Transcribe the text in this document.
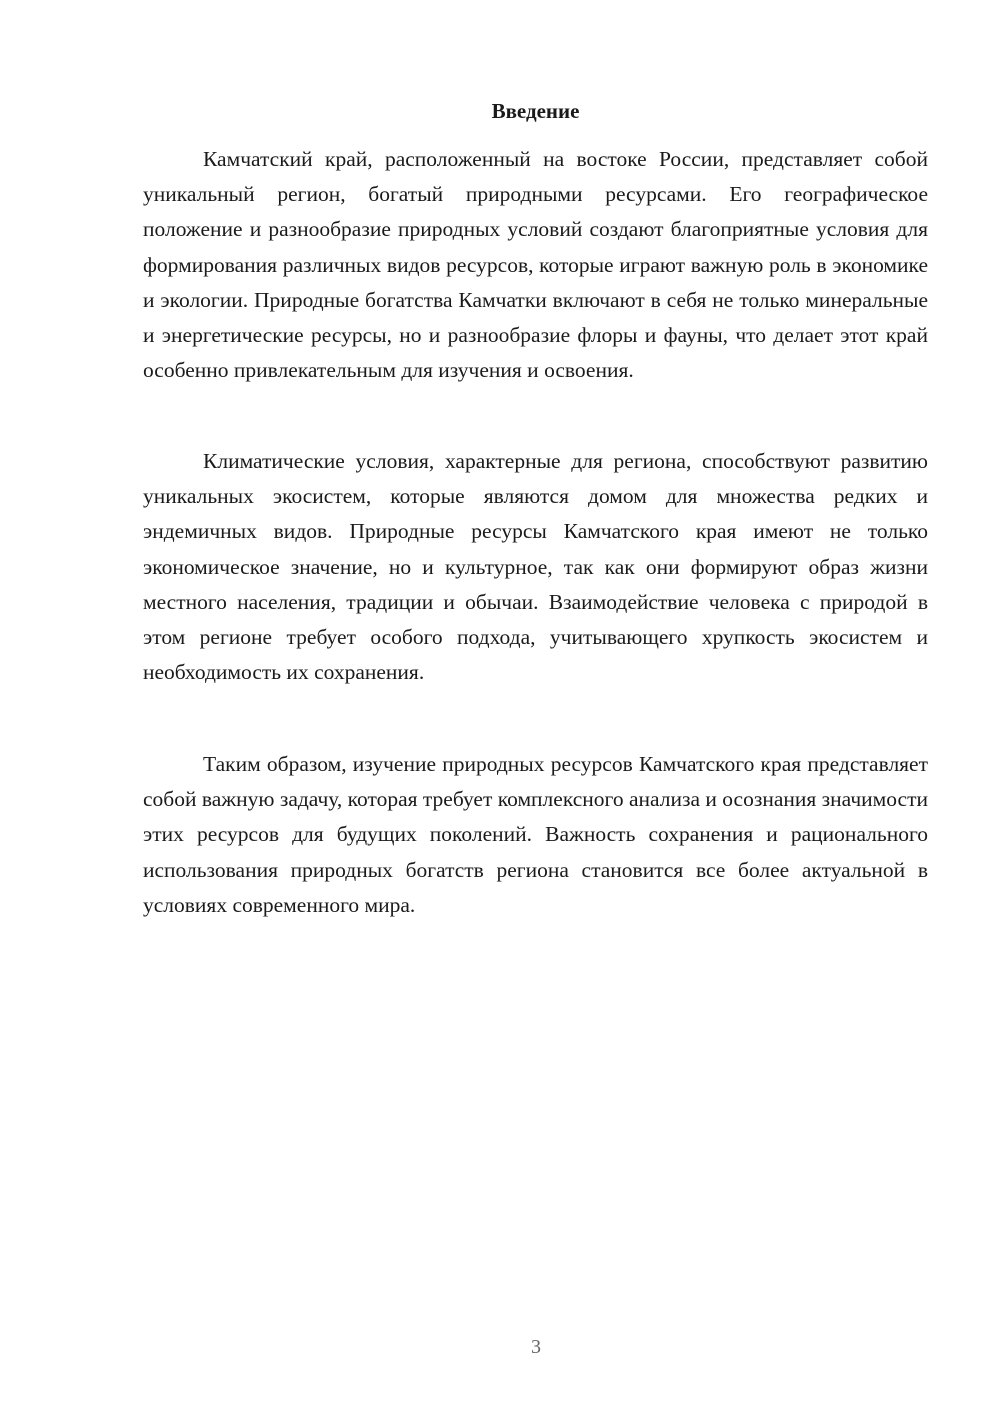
Введение

Камчатский край, расположенный на востоке России, представляет собой уникальный регион, богатый природными ресурсами. Его географическое положение и разнообразие природных условий создают благоприятные условия для формирования различных видов ресурсов, которые играют важную роль в экономике и экологии. Природные богатства Камчатки включают в себя не только минеральные и энергетические ресурсы, но и разнообразие флоры и фауны, что делает этот край особенно привлекательным для изучения и освоения.

Климатические условия, характерные для региона, способствуют развитию уникальных экосистем, которые являются домом для множества редких и эндемичных видов. Природные ресурсы Камчатского края имеют не только экономическое значение, но и культурное, так как они формируют образ жизни местного населения, традиции и обычаи. Взаимодействие человека с природой в этом регионе требует особого подхода, учитывающего хрупкость экосистем и необходимость их сохранения.

Таким образом, изучение природных ресурсов Камчатского края представляет собой важную задачу, которая требует комплексного анализа и осознания значимости этих ресурсов для будущих поколений. Важность сохранения и рационального использования природных богатств региона становится все более актуальной в условиях современного мира.

3
